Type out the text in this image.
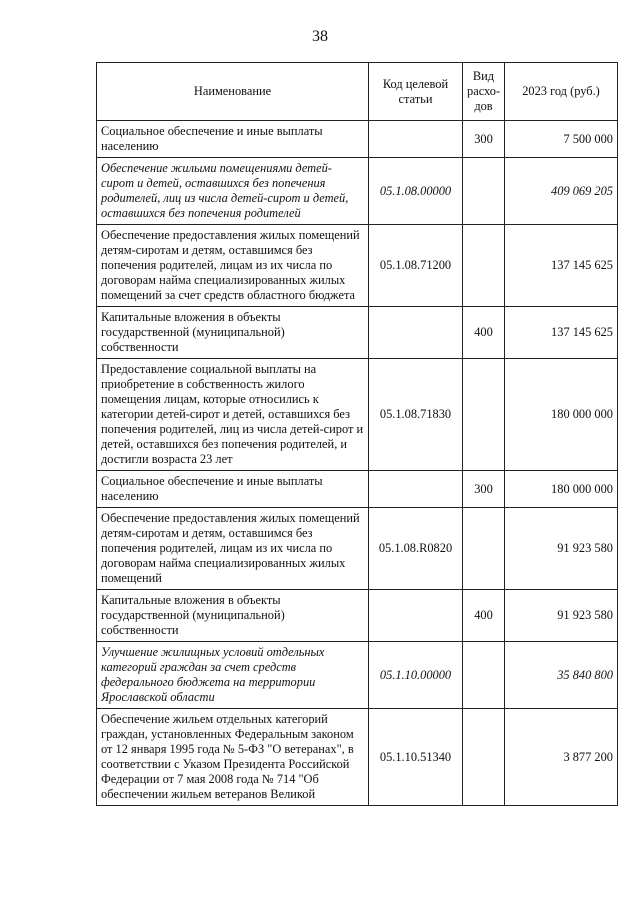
38
Наименование	Код целевой статьи	Вид расхо-дов	2023 год (руб.)
Социальное обеспечение и иные выплаты населению		300	7 500 000
Обеспечение жилыми помещениями детей-сирот и детей, оставшихся без попечения родителей, лиц из числа детей-сирот и детей, оставшихся без попечения родителей	05.1.08.00000		409 069 205
Обеспечение предоставления жилых помещений детям-сиротам и детям, оставшимся без попечения родителей, лицам из их числа по договорам найма специализированных жилых помещений за счет средств областного бюджета	05.1.08.71200		137 145 625
Капитальные вложения в объекты государственной (муниципальной) собственности		400	137 145 625
Предоставление социальной выплаты на приобретение в собственность жилого помещения лицам, которые относились к категории детей-сирот и детей, оставшихся без попечения родителей, лиц из числа детей-сирот и детей, оставшихся без попечения родителей, и достигли возраста 23 лет	05.1.08.71830		180 000 000
Социальное обеспечение и иные выплаты населению		300	180 000 000
Обеспечение предоставления жилых помещений детям-сиротам и детям, оставшимся без попечения родителей, лицам из их числа по договорам найма специализированных жилых помещений	05.1.08.R0820		91 923 580
Капитальные вложения в объекты государственной (муниципальной) собственности		400	91 923 580
Улучшение жилищных условий отдельных категорий граждан за счет средств федерального бюджета на территории Ярославской области	05.1.10.00000		35 840 800
Обеспечение жильем отдельных категорий граждан, установленных Федеральным законом от 12 января 1995 года № 5-ФЗ "О ветеранах", в соответствии с Указом Президента Российской Федерации от 7 мая 2008 года № 714 "Об обеспечении жильем ветеранов Великой	05.1.10.51340		3 877 200
